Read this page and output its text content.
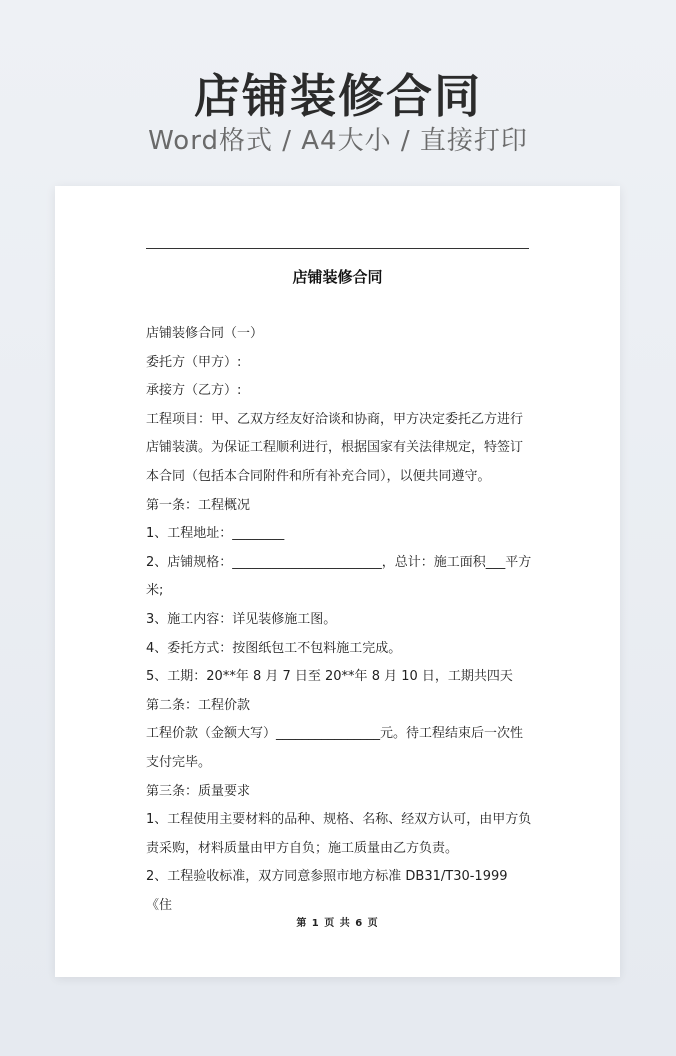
店铺装修合同
Word格式 / A4大小 / 直接打印
店铺装修合同

店铺装修合同（一）

委托方（甲方）:

承接方（乙方）:

工程项目：甲、乙双方经友好洽谈和协商，甲方决定委托乙方进行店铺装潢。为保证工程顺利进行，根据国家有关法律规定，特签订本合同（包括本合同附件和所有补充合同），以便共同遵守。

第一条：工程概况

1、工程地址：________

2、店铺规格：_______________________，总计：施工面积___平方米;

3、施工内容：详见装修施工图。

4、委托方式：按图纸包工不包料施工完成。

5、工期：20**年 8 月 7 日至 20**年 8 月 10 日，工期共四天

第二条：工程价款

工程价款（金额大写）________________元。待工程结束后一次性支付完毕。

第三条：质量要求

1、工程使用主要材料的品种、规格、名称、经双方认可，由甲方负责采购，材料质量由甲方自负；施工质量由乙方负责。

2、工程验收标准，双方同意参照市地方标准 DB31/T30-1999《住

第 1 页 共 6 页
